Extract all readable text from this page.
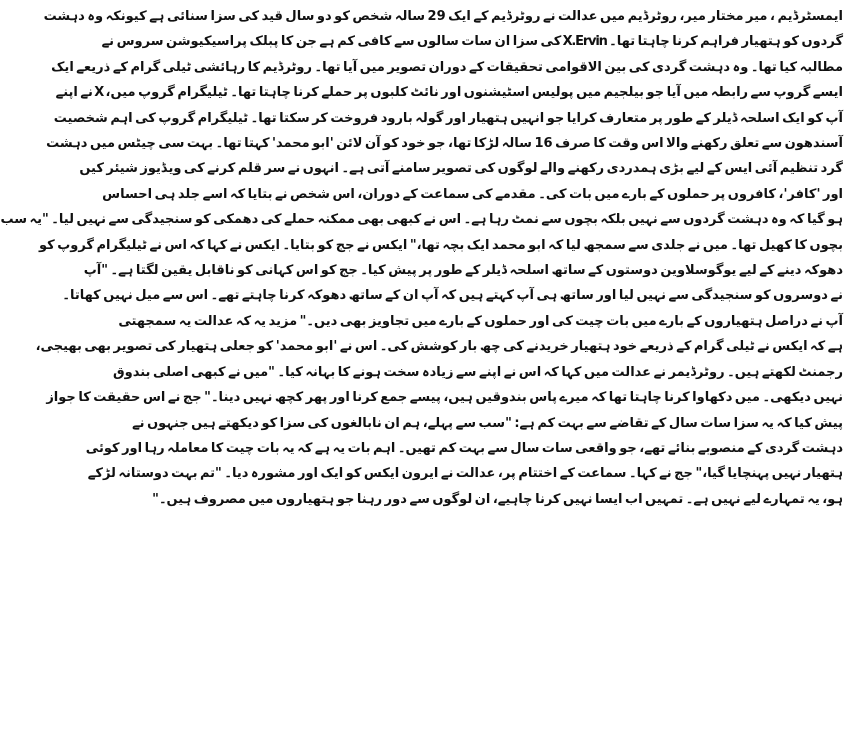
ایمسٹرڈیم ، میر مختار میر، روٹرڈیم میں عدالت نے روٹرڈیم کے ایک 29 سالہ شخص کو دو سال قید کی سزا سنائی ہے کیونکہ وہ دہشت
گردوں کو ہتھیار فراہم کرنا چاہتا تھا۔ X.Ervin کی سزا ان سات سالوں سے کافی کم ہے جن کا پبلک پراسیکیوشن سروس نے
مطالبہ کیا تھا۔ وہ دہشت گردی کی بین الاقوامی تحقیقات کے دوران تصویر میں آیا تھا۔ روٹرڈیم کا رہائشی ٹیلی گرام کے ذریعے ایک
ایسے گروپ سے رابطہ میں آیا جو بیلجیم میں پولیس اسٹیشنوں اور نائٹ کلبوں پر حملے کرنا چاہتا تھا۔ ٹیلیگرام گروپ میں، X نے اپنے
آپ کو ایک اسلحہ ڈیلر کے طور پر متعارف کرایا جو انہیں ہتھیار اور گولہ بارود فروخت کر سکتا تھا۔ ٹیلیگرام گروپ کی اہم شخصیت
آسندھون سے تعلق رکھنے والا اس وقت کا صرف 16 سالہ لڑکا تھا، جو خود کو آن لائن 'ابو محمد' کہتا تھا۔ بہت سی چیٹس میں دہشت
گرد تنظیم آئی ایس کے لیے بڑی ہمدردی رکھنے والے لوگوں کی تصویر سامنے آتی ہے۔ انہوں نے سر قلم کرنے کی ویڈیوز شیئر کیں
اور 'کافر'، کافروں پر حملوں کے بارے میں بات کی۔ مقدمے کی سماعت کے دوران، اس شخص نے بتایا کہ اسے جلد ہی احساس
ہو گیا کہ وہ دہشت گردوں سے نہیں بلکہ بچوں سے نمٹ رہا ہے۔ اس نے کبھی بھی ممکنہ حملے کی دھمکی کو سنجیدگی سے نہیں لیا۔ "یہ سب
بچوں کا کھیل تھا۔ میں نے جلدی سے سمجھ لیا کہ ابو محمد ایک بچہ تھا،" ایکس نے جج کو بتایا۔ ایکس نے کہا کہ اس نے ٹیلیگرام گروپ کو
دھوکہ دینے کے لیے یوگوسلاوین دوستوں کے ساتھ اسلحہ ڈیلر کے طور پر پیش کیا۔ جج کو اس کہانی کو ناقابل یقین لگتا ہے۔ "آپ
نے دوسروں کو سنجیدگی سے نہیں لیا اور ساتھ ہی آپ کہتے ہیں کہ آپ ان کے ساتھ دھوکہ کرنا چاہتے تھے۔ اس سے میل نہیں کھاتا۔
آپ نے دراصل ہتھیاروں کے بارے میں بات چیت کی اور حملوں کے بارے میں تجاویز بھی دیں۔" مزید یہ کہ عدالت یہ سمجھتی
ہے کہ ایکس نے ٹیلی گرام کے ذریعے خود ہتھیار خریدنے کی چھ بار کوشش کی۔ اس نے 'ابو محمد' کو جعلی ہتھیار کی تصویر بھی بھیجی،
رجمنٹ لکھتے ہیں۔ روٹرڈیمر نے عدالت میں کہا کہ اس نے اپنے سے زیادہ سخت ہونے کا بہانہ کیا۔ "میں نے کبھی اصلی بندوق
نہیں دیکھی۔ میں دکھاوا کرنا چاہتا تھا کہ میرے پاس بندوقیں ہیں، پیسے جمع کرنا اور پھر کچھ نہیں دینا۔" جج نے اس حقیقت کا جواز
پیش کیا کہ یہ سزا سات سال کے تقاضے سے بہت کم ہے: "سب سے پہلے، ہم ان نابالغوں کی سزا کو دیکھتے ہیں جنہوں نے
دہشت گردی کے منصوبے بنائے تھے، جو واقعی سات سال سے بہت کم تھیں۔ اہم بات یہ ہے کہ یہ بات چیت کا معاملہ رہا اور کوئی
ہتھیار نہیں پہنچایا گیا،" جج نے کہا۔ سماعت کے اختتام پر، عدالت نے ایرون ایکس کو ایک اور مشورہ دیا۔ "تم بہت دوستانہ لڑکے
ہو، یہ تمہارے لیے نہیں ہے۔ تمہیں اب ایسا نہیں کرنا چاہیے، ان لوگوں سے دور رہنا جو ہتھیاروں میں مصروف ہیں۔"
